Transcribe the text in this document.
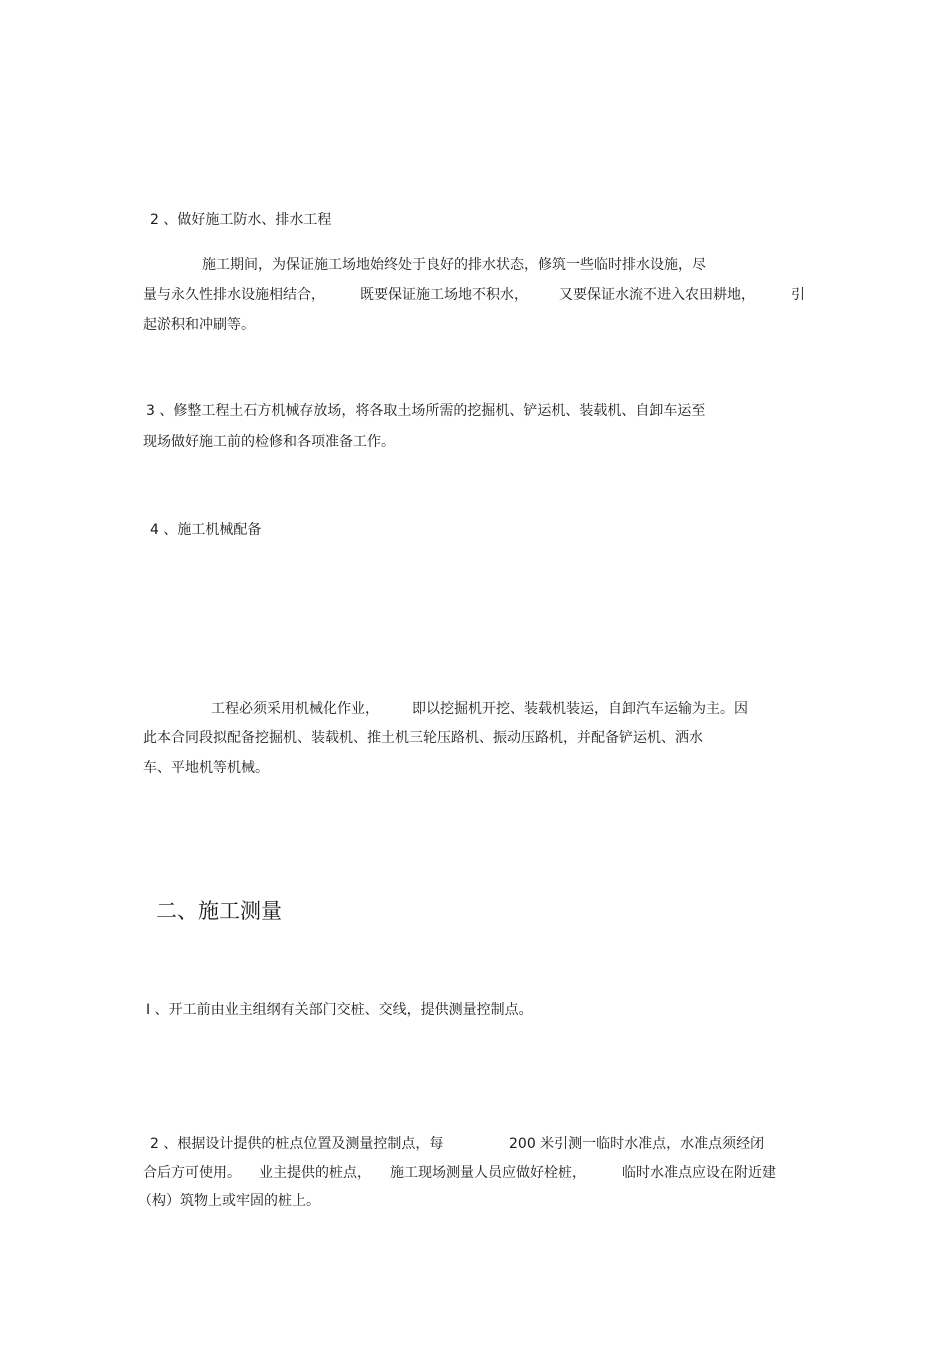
2 、做好施工防水、排水工程
施工期间，为保证施工场地始终处于良好的排水状态，修筑一些临时排水设施，尽
量与永久性排水设施相结合，	既要保证施工场地不积水， 又要保证水流不进入农田耕地，	引
起淤积和冲刷等。
3 、修整工程土石方机械存放场，将各取土场所需的挖掘机、铲运机、装载机、自卸车运至
现场做好施工前的检修和各项准备工作。
4 、施工机械配备
工程必须采用机械化作业， 即以挖掘机开挖、装载机装运，自卸汽车运输为主。因
此本合同段拟配备挖掘机、装载机、推土机三轮压路机、振动压路机，并配备铲运机、洒水
车、平地机等机械。
二、施工测量
Ⅰ 、开工前由业主组纲有关部门交桩、交线，提供测量控制点。
2 、根据设计提供的桩点位置及测量控制点，每	200 米引测一临时水准点，水准点须经闭
合后方可使用。 业主提供的桩点， 施工现场测量人员应做好栓桩，	临时水准点应设在附近建
（构）筑物上或牢固的桩上。
